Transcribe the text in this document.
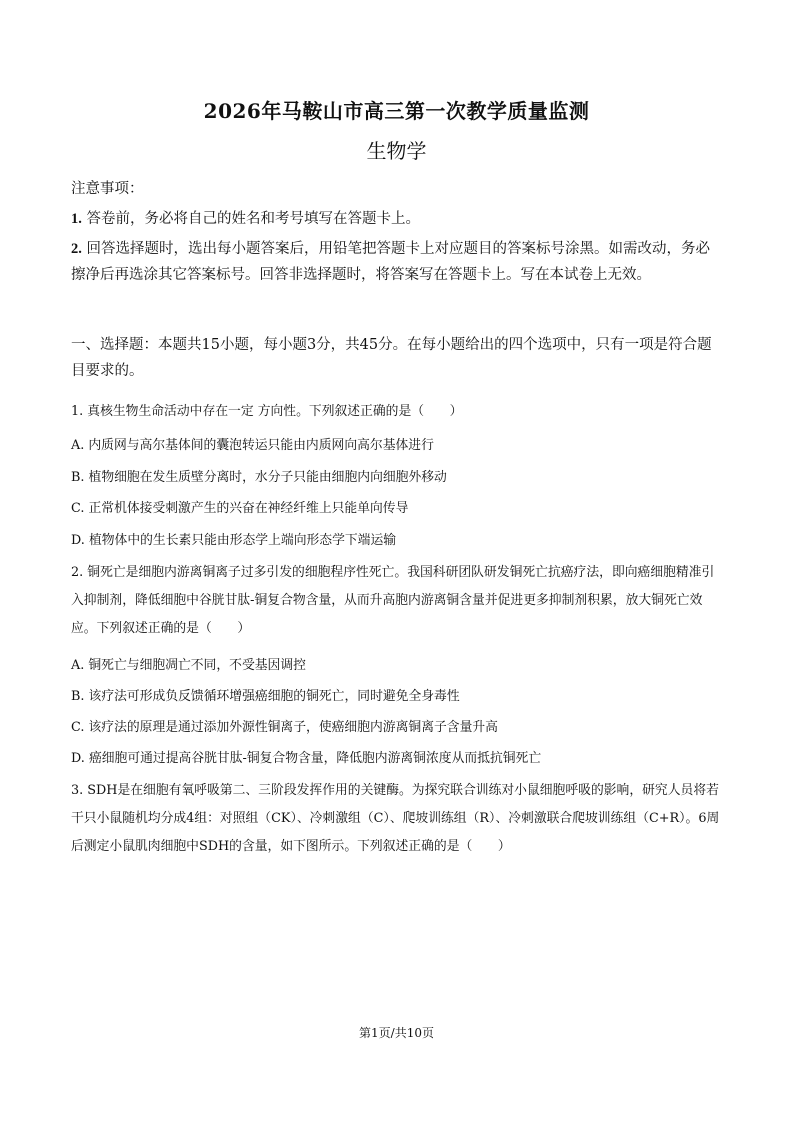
2026年马鞍山市高三第一次教学质量监测
生物学

注意事项：

1. 答卷前，务必将自己的姓名和考号填写在答题卡上。

2. 回答选择题时，选出每小题答案后，用铅笔把答题卡上对应题目的答案标号涂黑。如需改动，务必擦净后再选涂其它答案标号。回答非选择题时，将答案写在答题卡上。写在本试卷上无效。

一、选择题：本题共15小题，每小题3分，共45分。在每小题给出的四个选项中，只有一项是符合题目要求的。

1. 真核生物生命活动中存在一定 方向性。下列叙述正确的是（　　）

A. 内质网与高尔基体间的囊泡转运只能由内质网向高尔基体进行

B. 植物细胞在发生质壁分离时，水分子只能由细胞内向细胞外移动

C. 正常机体接受刺激产生的兴奋在神经纤维上只能单向传导

D. 植物体中的生长素只能由形态学上端向形态学下端运输

2. 铜死亡是细胞内游离铜离子过多引发的细胞程序性死亡。我国科研团队研发铜死亡抗癌疗法，即向癌细胞精准引入抑制剂，降低细胞中谷胱甘肽-铜复合物含量，从而升高胞内游离铜含量并促进更多抑制剂积累，放大铜死亡效应。下列叙述正确的是（　　）

A. 铜死亡与细胞凋亡不同，不受基因调控

B. 该疗法可形成负反馈循环增强癌细胞的铜死亡，同时避免全身毒性

C. 该疗法的原理是通过添加外源性铜离子，使癌细胞内游离铜离子含量升高

D. 癌细胞可通过提高谷胱甘肽-铜复合物含量，降低胞内游离铜浓度从而抵抗铜死亡

3. SDH是在细胞有氧呼吸第二、三阶段发挥作用的关键酶。为探究联合训练对小鼠细胞呼吸的影响，研究人员将若干只小鼠随机均分成4组：对照组（CK）、冷刺激组（C）、爬坡训练组（R）、冷刺激联合爬坡训练组（C+R）。6周后测定小鼠肌肉细胞中SDH的含量，如下图所示。下列叙述正确的是（　　）

第1页/共10页
